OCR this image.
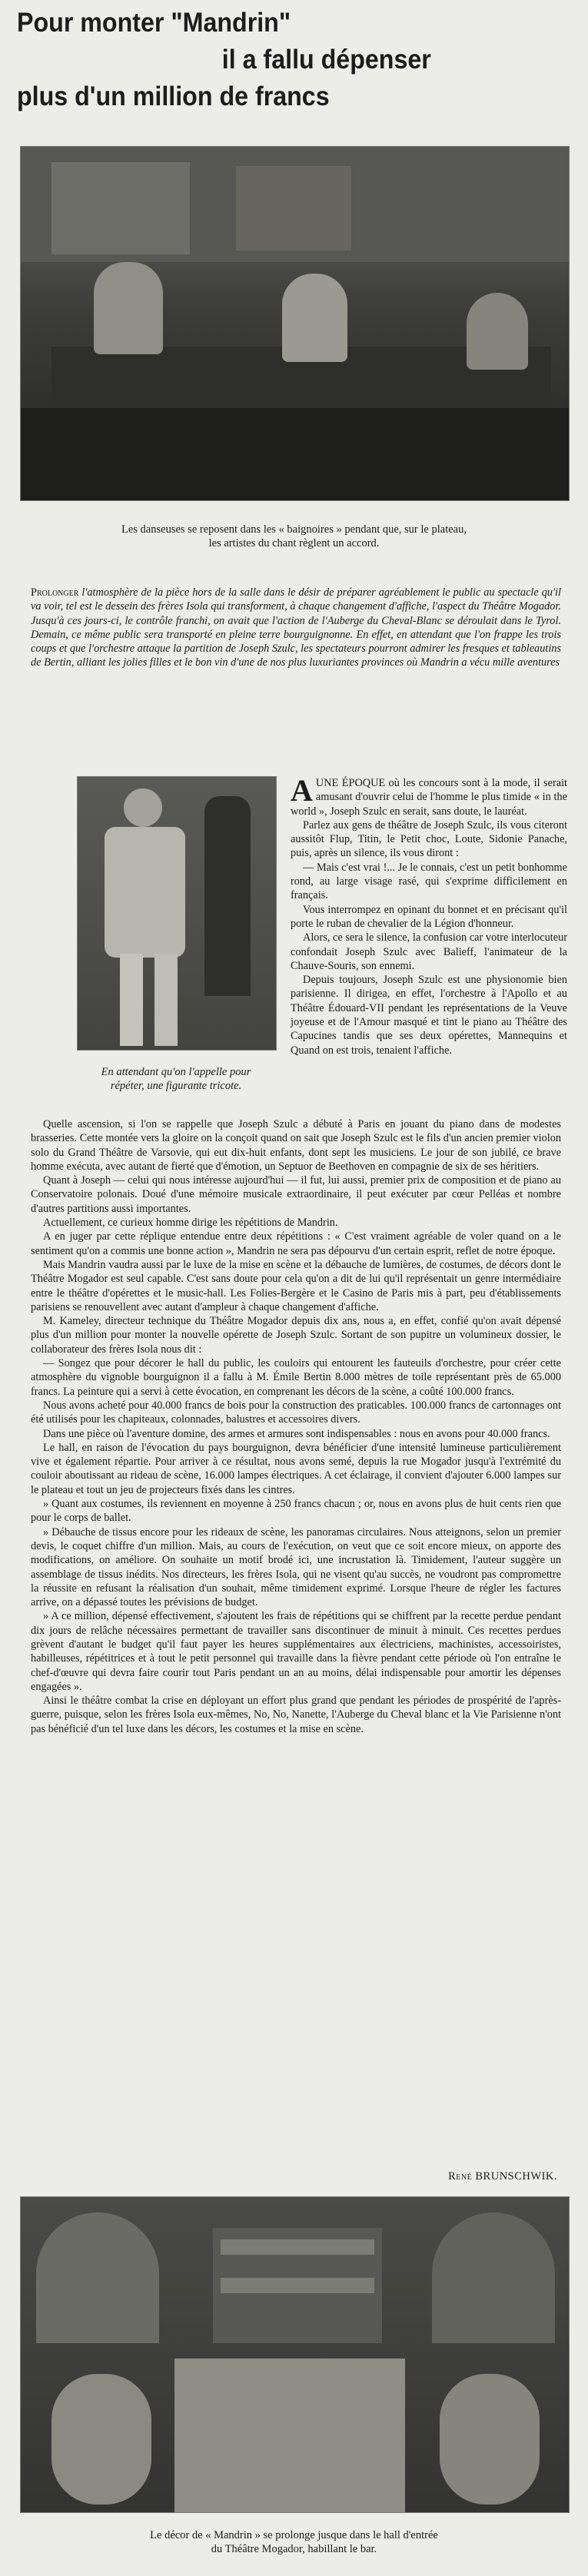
Pour monter "Mandrin"
il a fallu dépenser
plus d'un million de francs
Les danseuses se reposent dans les « baignoires » pendant que, sur le plateau,
les artistes du chant règlent un accord.
Prolonger l'atmosphère de la pièce hors de la salle dans le désir de préparer agréablement le public au spectacle qu'il va voir, tel est le dessein des frères Isola qui transforment, à chaque changement d'affiche, l'aspect du Théâtre Mogador. Jusqu'à ces jours-ci, le contrôle franchi, on avait que l'action de l'Auberge du Cheval-Blanc se déroulait dans le Tyrol. Demain, ce même public sera transporté en pleine terre bourguignonne. En effet, en attendant que l'on frappe les trois coups et que l'orchestre attaque la partition de Joseph Szulc, les spectateurs pourront admirer les fresques et tableautins de Bertin, alliant les jolies filles et le bon vin d'une de nos plus luxuriantes provinces où Mandrin a vécu mille aventures
En attendant qu'on l'appelle pour
répéter, une figurante tricote.

AUNE ÉPOQUE où les concours sont à la mode, il serait amusant d'ouvrir celui de l'homme le plus timide « in the world », Joseph Szulc en serait, sans doute, le lauréat.

Parlez aux gens de théâtre de Joseph Szulc, ils vous citeront aussitôt Flup, Titin, le Petit choc, Loute, Sidonie Panache, puis, après un silence, ils vous diront :

— Mais c'est vrai !... Je le connais, c'est un petit bonhomme rond, au large visage rasé, qui s'exprime difficilement en français.

Vous interrompez en opinant du bonnet et en précisant qu'il porte le ruban de chevalier de la Légion d'honneur.

Alors, ce sera le silence, la confusion car votre interlocuteur confondait Joseph Szulc avec Balieff, l'animateur de la Chauve-Souris, son ennemi.

Depuis toujours, Joseph Szulc est une physionomie bien parisienne. Il dirigea, en effet, l'orchestre à l'Apollo et au Théâtre Édouard-VII pendant les représentations de la Veuve joyeuse et de l'Amour masqué et tint le piano au Théâtre des Capucines tandis que ses deux opérettes, Mannequins et Quand on est trois, tenaient l'affiche.

Quelle ascension, si l'on se rappelle que Joseph Szulc a débuté à Paris en jouant du piano dans de modestes brasseries. Cette montée vers la gloire on la conçoit quand on sait que Joseph Szulc est le fils d'un ancien premier violon solo du Grand Théâtre de Varsovie, qui eut dix-huit enfants, dont sept les musiciens. Le jour de son jubilé, ce brave homme exécuta, avec autant de fierté que d'émotion, un Septuor de Beethoven en compagnie de six de ses héritiers.

Quant à Joseph — celui qui nous intéresse aujourd'hui — il fut, lui aussi, premier prix de composition et de piano au Conservatoire polonais. Doué d'une mémoire musicale extraordinaire, il peut exécuter par cœur Pelléas et nombre d'autres partitions aussi importantes.

Actuellement, ce curieux homme dirige les répétitions de Mandrin.

A en juger par cette réplique entendue entre deux répétitions : « C'est vraiment agréable de voler quand on a le sentiment qu'on a commis une bonne action », Mandrin ne sera pas dépourvu d'un certain esprit, reflet de notre époque.

Mais Mandrin vaudra aussi par le luxe de la mise en scène et la débauche de lumières, de costumes, de décors dont le Théâtre Mogador est seul capable. C'est sans doute pour cela qu'on a dit de lui qu'il représentait un genre intermédiaire entre le théâtre d'opérettes et le music-hall. Les Folies-Bergère et le Casino de Paris mis à part, peu d'établissements parisiens se renouvellent avec autant d'ampleur à chaque changement d'affiche.

M. Kameley, directeur technique du Théâtre Mogador depuis dix ans, nous a, en effet, confié qu'on avait dépensé plus d'un million pour monter la nouvelle opérette de Joseph Szulc. Sortant de son pupitre un volumineux dossier, le collaborateur des frères Isola nous dit :

— Songez que pour décorer le hall du public, les couloirs qui entourent les fauteuils d'orchestre, pour créer cette atmosphère du vignoble bourguignon il a fallu à M. Émile Bertin 8.000 mètres de toile représentant près de 65.000 francs. La peinture qui a servi à cette évocation, en comprenant les décors de la scène, a coûté 100.000 francs.

Nous avons acheté pour 40.000 francs de bois pour la construction des praticables. 100.000 francs de cartonnages ont été utilisés pour les chapiteaux, colonnades, balustres et accessoires divers.

Dans une pièce où l'aventure domine, des armes et armures sont indispensables : nous en avons pour 40.000 francs.

Le hall, en raison de l'évocation du pays bourguignon, devra bénéficier d'une intensité lumineuse particulièrement vive et également répartie. Pour arriver à ce résultat, nous avons semé, depuis la rue Mogador jusqu'à l'extrémité du couloir aboutissant au rideau de scène, 16.000 lampes électriques. A cet éclairage, il convient d'ajouter 6.000 lampes sur le plateau et tout un jeu de projecteurs fixés dans les cintres.

» Quant aux costumes, ils reviennent en moyenne à 250 francs chacun ; or, nous en avons plus de huit cents rien que pour le corps de ballet.

» Débauche de tissus encore pour les rideaux de scène, les panoramas circulaires. Nous atteignons, selon un premier devis, le coquet chiffre d'un million. Mais, au cours de l'exécution, on veut que ce soit encore mieux, on apporte des modifications, on améliore. On souhaite un motif brodé ici, une incrustation là. Timidement, l'auteur suggère un assemblage de tissus inédits. Nos directeurs, les frères Isola, qui ne visent qu'au succès, ne voudront pas compromettre la réussite en refusant la réalisation d'un souhait, même timidement exprimé. Lorsque l'heure de régler les factures arrive, on a dépassé toutes les prévisions de budget.

» A ce million, dépensé effectivement, s'ajoutent les frais de répétitions qui se chiffrent par la recette perdue pendant dix jours de relâche nécessaires permettant de travailler sans discontinuer de minuit à minuit. Ces recettes perdues grèvent d'autant le budget qu'il faut payer les heures supplémentaires aux électriciens, machinistes, accessoiristes, habilleuses, répétitrices et à tout le petit personnel qui travaille dans la fièvre pendant cette période où l'on entraîne le chef-d'œuvre qui devra faire courir tout Paris pendant un an au moins, délai indispensable pour amortir les dépenses engagées ».

Ainsi le théâtre combat la crise en déployant un effort plus grand que pendant les périodes de prospérité de l'après-guerre, puisque, selon les frères Isola eux-mêmes, No, No, Nanette, l'Auberge du Cheval blanc et la Vie Parisienne n'ont pas bénéficié d'un tel luxe dans les décors, les costumes et la mise en scène.

René BRUNSCHWIK.
Le décor de « Mandrin » se prolonge jusque dans le hall d'entrée
du Théâtre Mogador, habillant le bar.
